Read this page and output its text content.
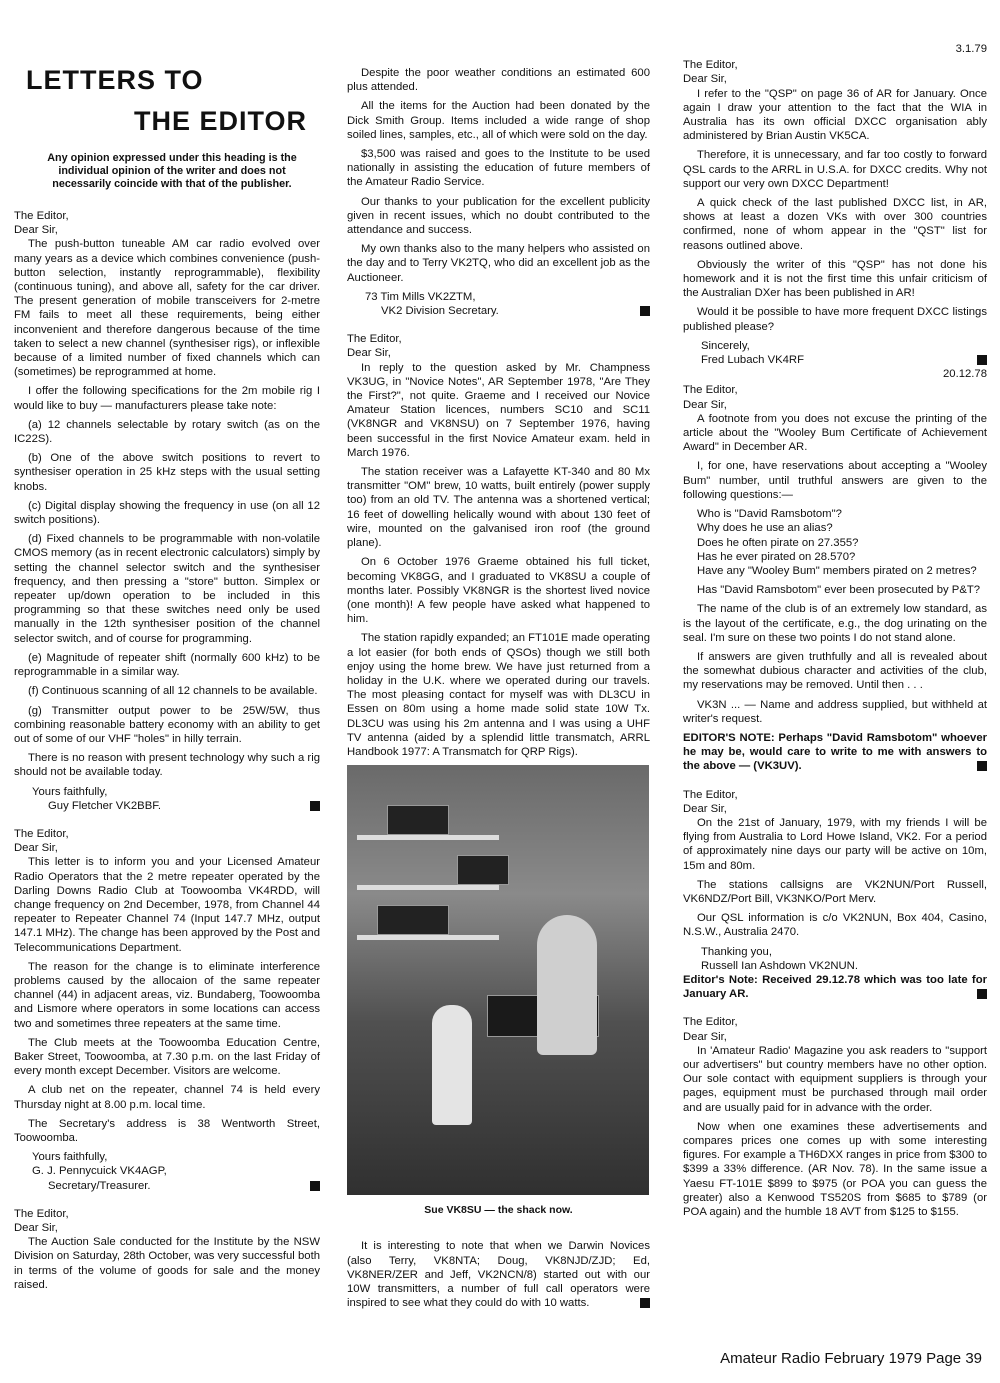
LETTERS TO
THE EDITOR

Any opinion expressed under this heading is the individual opinion of the writer and does not necessarily coincide with that of the publisher.

The Editor,

Dear Sir,

The push-button tuneable AM car radio evolved over many years as a device which combines convenience (push-button selection, instantly reprogrammable), flexibility (continuous tuning), and above all, safety for the car driver. The present generation of mobile transceivers for 2-metre FM fails to meet all these requirements, being either inconvenient and therefore dangerous because of the time taken to select a new channel (synthesiser rigs), or inflexible because of a limited number of fixed channels which can (sometimes) be reprogrammed at home.

I offer the following specifications for the 2m mobile rig I would like to buy — manufacturers please take note:

(a) 12 channels selectable by rotary switch (as on the IC22S).

(b) One of the above switch positions to revert to synthesiser operation in 25 kHz steps with the usual setting knobs.

(c) Digital display showing the frequency in use (on all 12 switch positions).

(d) Fixed channels to be programmable with non-volatile CMOS memory (as in recent electronic calculators) simply by setting the channel selector switch and the synthesiser frequency, and then pressing a "store" button. Simplex or repeater up/down operation to be included in this programming so that these switches need only be used manually in the 12th synthesiser position of the channel selector switch, and of course for programming.

(e) Magnitude of repeater shift (normally 600 kHz) to be reprogrammable in a similar way.

(f) Continuous scanning of all 12 channels to be available.

(g) Transmitter output power to be 25W/5W, thus combining reasonable battery economy with an ability to get out of some of our VHF "holes" in hilly terrain.

There is no reason with present technology why such a rig should not be available today.

Yours faithfully,

Guy Fletcher VK2BBF.

The Editor,

Dear Sir,

This letter is to inform you and your Licensed Amateur Radio Operators that the 2 metre repeater operated by the Darling Downs Radio Club at Toowoomba VK4RDD, will change frequency on 2nd December, 1978, from Channel 44 repeater to Repeater Channel 74 (Input 147.7 MHz, output 147.1 MHz). The change has been approved by the Post and Telecommunications Department.

The reason for the change is to eliminate interference problems caused by the allocaion of the same repeater channel (44) in adjacent areas, viz. Bundaberg, Toowoomba and Lismore where operators in some locations can access two and sometimes three repeaters at the same time.

The Club meets at the Toowoomba Education Centre, Baker Street, Toowoomba, at 7.30 p.m. on the last Friday of every month except December. Visitors are welcome.

A club net on the repeater, channel 74 is held every Thursday night at 8.00 p.m. local time.

The Secretary's address is 38 Wentworth Street, Toowoomba.

Yours faithfully,

G. J. Pennycuick VK4AGP,

Secretary/Treasurer.

The Editor,

Dear Sir,

The Auction Sale conducted for the Institute by the NSW Division on Saturday, 28th October, was very successful both in terms of the volume of goods for sale and the money raised.

Despite the poor weather conditions an estimated 600 plus attended.

All the items for the Auction had been donated by the Dick Smith Group. Items included a wide range of shop soiled lines, samples, etc., all of which were sold on the day.

$3,500 was raised and goes to the Institute to be used nationally in assisting the education of future members of the Amateur Radio Service.

Our thanks to your publication for the excellent publicity given in recent issues, which no doubt contributed to the attendance and success.

My own thanks also to the many helpers who assisted on the day and to Terry VK2TQ, who did an excellent job as the Auctioneer.

73 Tim Mills VK2ZTM,

VK2 Division Secretary.

The Editor,

Dear Sir,

In reply to the question asked by Mr. Champness VK3UG, in "Novice Notes", AR September 1978, "Are They the First?", not quite. Graeme and I received our Novice Amateur Station licences, numbers SC10 and SC11 (VK8NGR and VK8NSU) on 7 September 1976, having been successful in the first Novice Amateur exam. held in March 1976.

The station receiver was a Lafayette KT-340 and 80 Mx transmitter "OM" brew, 10 watts, built entirely (power supply too) from an old TV. The antenna was a shortened vertical; 16 feet of dowelling helically wound with about 130 feet of wire, mounted on the galvanised iron roof (the ground plane).

On 6 October 1976 Graeme obtained his full ticket, becoming VK8GG, and I graduated to VK8SU a couple of months later. Possibly VK8NGR is the shortest lived novice (one month)! A few people have asked what happened to him.

The station rapidly expanded; an FT101E made operating a lot easier (for both ends of QSOs) though we still both enjoy using the home brew. We have just returned from a holiday in the U.K. where we operated during our travels. The most pleasing contact for myself was with DL3CU in Essen on 80m using a home made solid state 10W Tx. DL3CU was using his 2m antenna and I was using a UHF TV antenna (aided by a splendid little transmatch, ARRL Handbook 1977: A Transmatch for QRP Rigs).

Sue VK8SU — the shack now.

It is interesting to note that when we Darwin Novices (also Terry, VK8NTA; Doug, VK8NJD/ZJD; Ed, VK8NER/ZER and Jeff, VK2NCN/8) started out with our 10W transmitters, a number of full call operators were inspired to see what they could do with 10 watts.

3.1.79

The Editor,

Dear Sir,

I refer to the "QSP" on page 36 of AR for January. Once again I draw your attention to the fact that the WIA in Australia has its own official DXCC organisation ably administered by Brian Austin VK5CA.

Therefore, it is unnecessary, and far too costly to forward QSL cards to the ARRL in U.S.A. for DXCC credits. Why not support our very own DXCC Department!

A quick check of the last published DXCC list, in AR, shows at least a dozen VKs with over 300 countries confirmed, none of whom appear in the "QST" list for reasons outlined above.

Obviously the writer of this "QSP" has not done his homework and it is not the first time this unfair criticism of the Australian DXer has been published in AR!

Would it be possible to have more frequent DXCC listings published please?

Sincerely,

Fred Lubach VK4RF

20.12.78

The Editor,

Dear Sir,

A footnote from you does not excuse the printing of the article about the "Wooley Bum Certificate of Achievement Award" in December AR.

I, for one, have reservations about accepting a "Wooley Bum" number, until truthful answers are given to the following questions:—

Who is "David Ramsbotom"?

Why does he use an alias?

Does he often pirate on 27.355?

Has he ever pirated on 28.570?

Have any "Wooley Bum" members pirated on 2 metres?

Has "David Ramsbotom" ever been prosecuted by P&T?

The name of the club is of an extremely low standard, as is the layout of the certificate, e.g., the dog urinating on the seal. I'm sure on these two points I do not stand alone.

If answers are given truthfully and all is revealed about the somewhat dubious character and activities of the club, my reservations may be removed. Until then . . .

VK3N ... — Name and address supplied, but withheld at writer's request.

EDITOR'S NOTE: Perhaps "David Ramsbotom" whoever he may be, would care to write to me with answers to the above — (VK3UV).

The Editor,

Dear Sir,

On the 21st of January, 1979, with my friends I will be flying from Australia to Lord Howe Island, VK2. For a period of approximately nine days our party will be active on 10m, 15m and 80m.

The stations callsigns are VK2NUN/Port Russell, VK6NDZ/Port Bill, VK3NKO/Port Merv.

Our QSL information is c/o VK2NUN, Box 404, Casino, N.S.W., Australia 2470.

Thanking you,

Russell Ian Ashdown VK2NUN.

Editor's Note: Received 29.12.78 which was too late for January AR.

The Editor,

Dear Sir,

In 'Amateur Radio' Magazine you ask readers to "support our advertisers" but country members have no other option. Our sole contact with equipment suppliers is through your pages, equipment must be purchased through mail order and are usually paid for in advance with the order.

Now when one examines these advertisements and compares prices one comes up with some interesting figures. For example a TH6DXX ranges in price from $300 to $399 a 33% difference. (AR Nov. 78). In the same issue a Yaesu FT-101E $899 to $975 (or POA you can guess the greater) also a Kenwood TS520S from $685 to $789 (or POA again) and the humble 18 AVT from $125 to $155.

Amateur Radio February 1979 Page 39
